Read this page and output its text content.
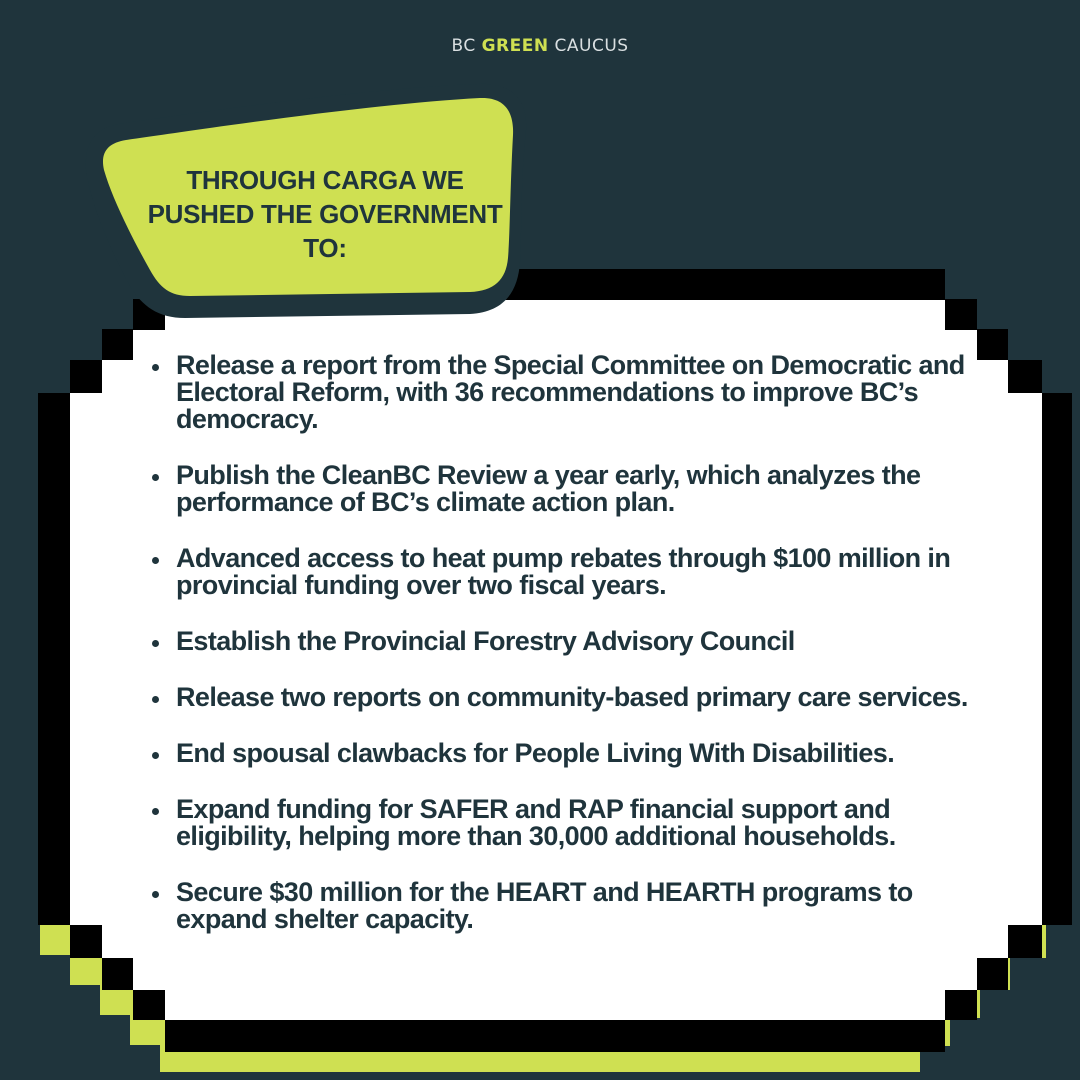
BC GREEN CAUCUS
THROUGH CARGA WE
PUSHED THE GOVERNMENT
TO:
Release a report from the Special Committee on Democratic and Electoral Reform, with 36 recommendations to improve BC’s democracy.
Publish the CleanBC Review a year early, which analyzes the performance of BC’s climate action plan.
Advanced access to heat pump rebates through $100 million in provincial funding over two fiscal years.
Establish the Provincial Forestry Advisory Council
Release two reports on community-based primary care services.
End spousal clawbacks for People Living With Disabilities.
Expand funding for SAFER and RAP financial support and eligibility, helping more than 30,000 additional households.
Secure $30 million for the HEART and HEARTH programs to expand shelter capacity.
